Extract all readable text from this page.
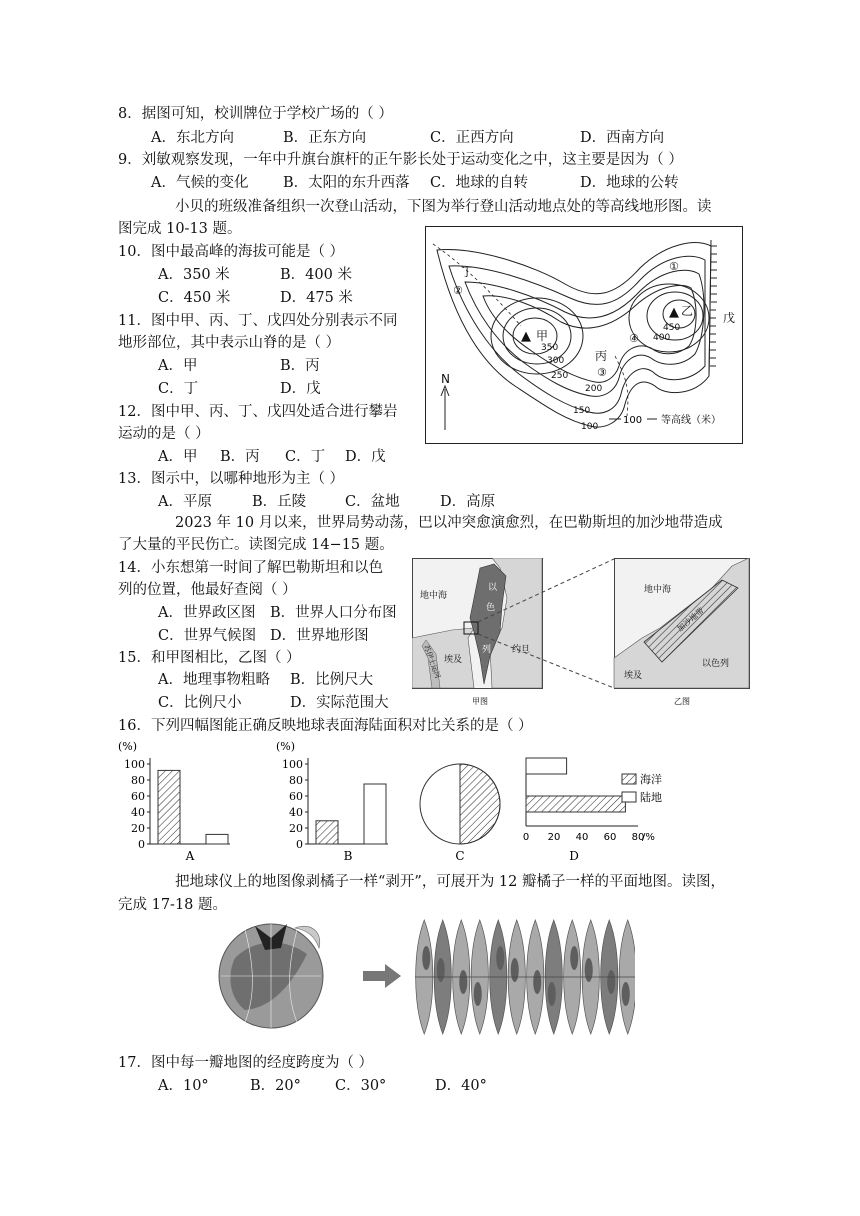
8．据图可知，校训牌位于学校广场的（ ）
A．东北方向	B．正东方向	C．正西方向	D．西南方向
9．刘敏观察发现，一年中升旗台旗杆的正午影长处于运动变化之中，这主要是因为（ ）
A．气候的变化 B．太阳的东升西落 C．地球的自转	D．地球的公转
小贝的班级准备组织一次登山活动，下图为举行登山活动地点处的等高线地形图。读
图完成 10-13 题。
10．图中最高峰的海拔可能是（ ）
A．350 米	B．400 米
C．450 米	D．475 米
11．图中甲、丙、丁、戊四处分别表示不同
地形部位，其中表示山脊的是（ ）
A．甲	B．丙
C．丁	D．戊
12．图中甲、丙、丁、戊四处适合进行攀岩
运动的是（ ）
A．甲 B．丙 C．丁 D．戊
13．图示中，以哪种地形为主（ ）
A．平原	B．丘陵	C．盆地	D．高原
丁
②
▲ 甲
350
300
250
200
150
100
丙
③
④
①
▲ 乙
450
400
戊
N
100 等高线（米）
2023 年 10 月以来，世界局势动荡，巴以冲突愈演愈烈，在巴勒斯坦的加沙地带造成
了大量的平民伤亡。读图完成 14−15 题。
14．小东想第一时间了解巴勒斯坦和以色
列的位置，他最好查阅（ ）
A．世界政区图 B．世界人口分布图
C．世界气候图 D．世界地形图
15．和甲图相比，乙图（ ）
A．地理事物粗略 B．比例尺大
C．比例尺小	D．实际范围大
地中海
以
色
列
埃及
约旦
苏伊士运河
地中海
加沙地带
以色列
埃及
甲图	乙图
16．下列四幅图能正确反映地球表面海陆面积对比关系的是（ ）
(%)
0
20
40
60
80
100
A
(%)
0
20
40
60
80
100
B	C
0 20 40 60 80
/%
海洋
陆地
D
把地球仪上的地图像剥橘子一样“剥开”，可展开为 12 瓣橘子一样的平面地图。读图，
完成 17-18 题。
17．图中每一瓣地图的经度跨度为（ ）
A．10°	B．20° C．30°	D．40°
